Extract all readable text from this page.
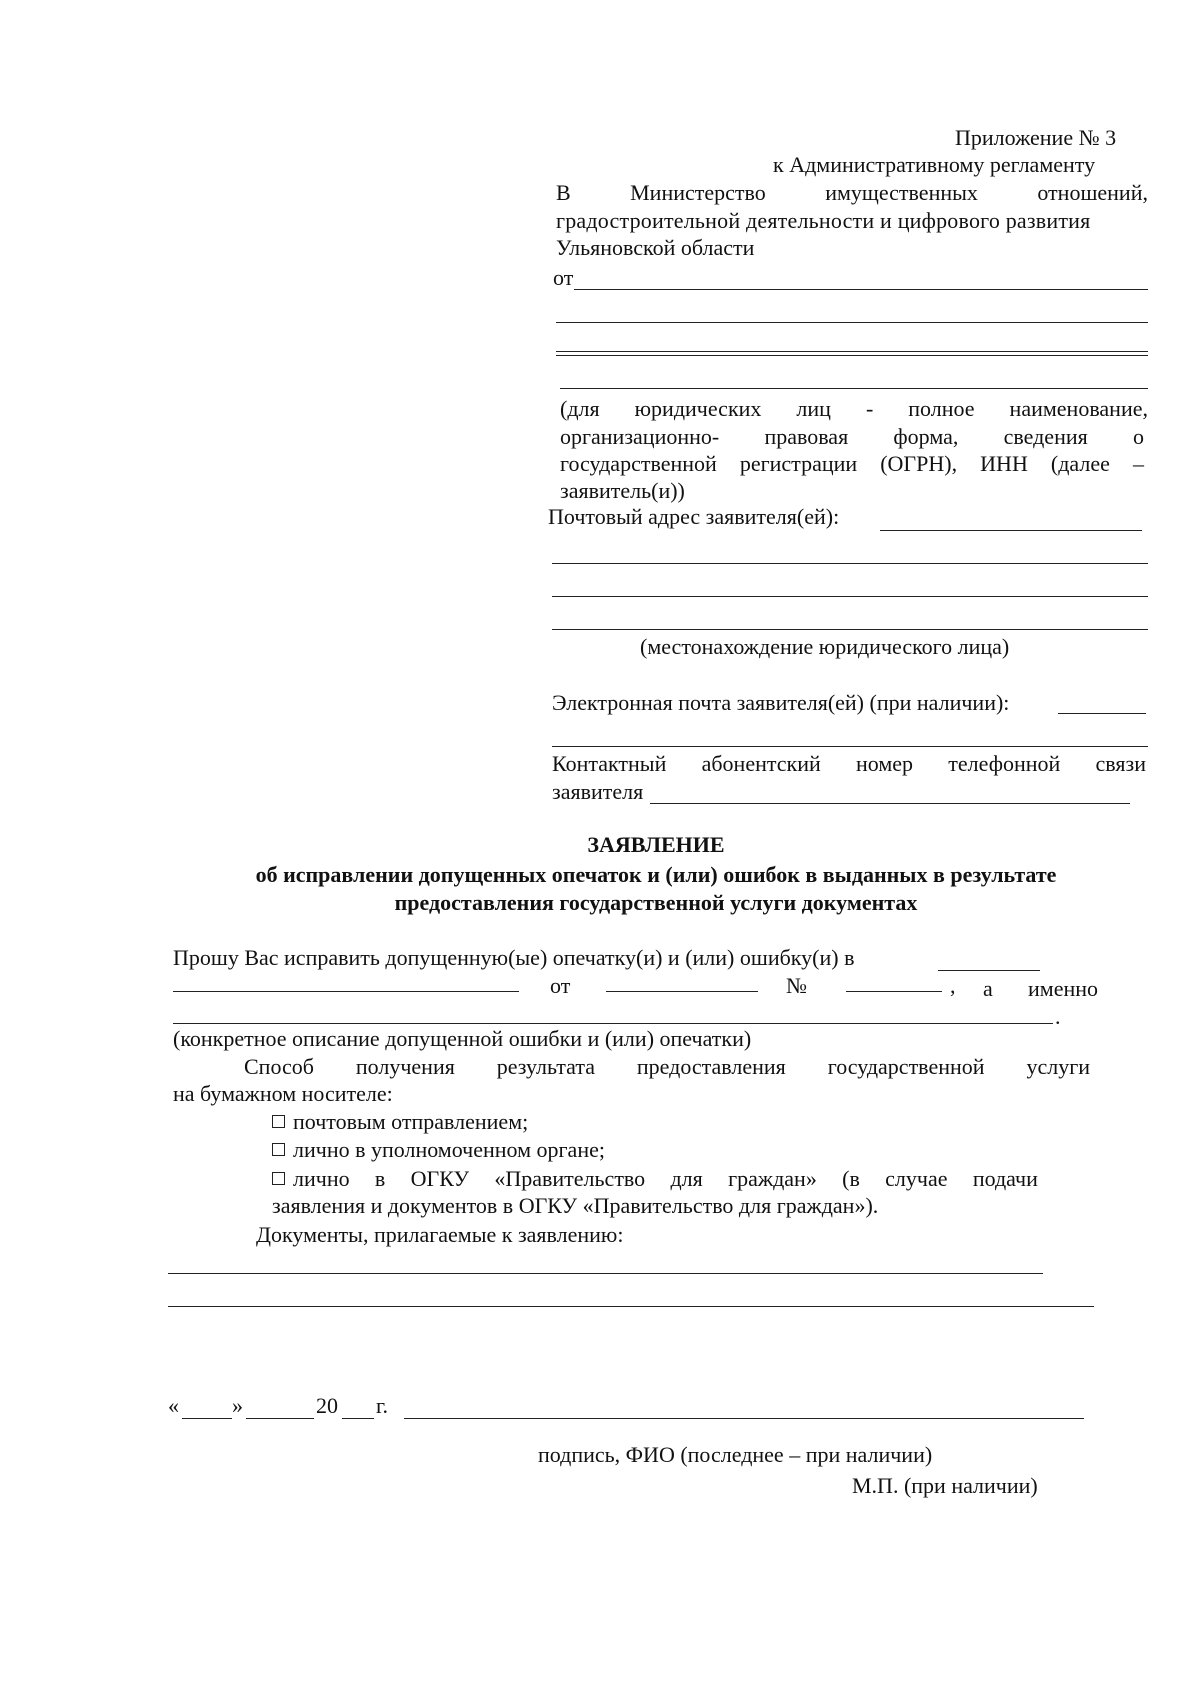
Приложение № 3
к Административному регламенту
В	Министерство	имущественных	отношений,
градостроительной деятельности и цифрового развития
Ульяновской области
от
(для юридических лиц - полное наименование,
организационно- правовая форма, сведения о
государственной регистрации (ОГРН), ИНН (далее –
заявитель(и))
Почтовый адрес заявителя(ей):
(местонахождение юридического лица)
Электронная почта заявителя(ей) (при наличии):
Контактный абонентский номер телефонной связи
заявителя
ЗАЯВЛЕНИЕ
об исправлении допущенных опечаток и (или) ошибок в выданных в результате
предоставления государственной услуги документах
Прошу Вас исправить допущенную(ые) опечатку(и) и (или) ошибку(и) в
от	№	, а именно
.
(конкретное описание допущенной ошибки и (или) опечатки)
Способ получения результата предоставления государственной услуги
на бумажном носителе:
почтовым отправлением;
лично в уполномоченном органе;
лично в ОГКУ «Правительство для граждан» (в случае подачи
заявления и документов в ОГКУ «Правительство для граждан»).
Документы, прилагаемые к заявлению:
« »	20 г.
подпись, ФИО (последнее – при наличии)
М.П. (при наличии)
